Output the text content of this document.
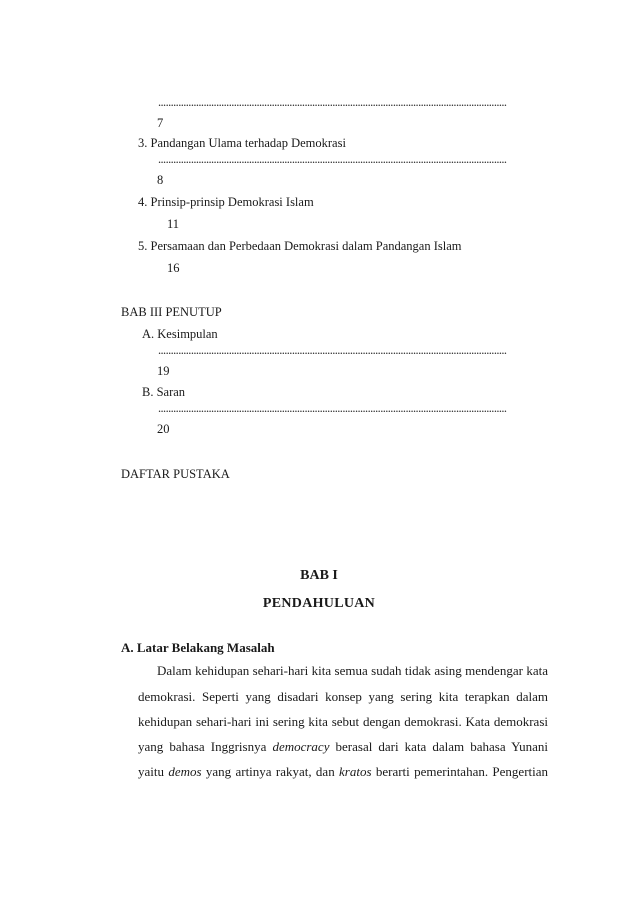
..........................................................................................................................................
7
3. Pandangan Ulama terhadap Demokrasi
..........................................................................................................................................
8
4. Prinsip-prinsip Demokrasi Islam
11
5. Persamaan dan Perbedaan Demokrasi dalam Pandangan Islam
16
BAB III PENUTUP
A. Kesimpulan
..........................................................................................................................................
19
B. Saran
..........................................................................................................................................
20
DAFTAR PUSTAKA
BAB I
PENDAHULUAN
A. Latar Belakang Masalah
Dalam kehidupan sehari-hari kita semua sudah tidak asing mendengar kata
demokrasi. Seperti yang disadari konsep yang sering kita terapkan dalam
kehidupan sehari-hari ini sering kita sebut dengan demokrasi. Kata demokrasi
yang bahasa Inggrisnya democracy berasal dari kata dalam bahasa Yunani
yaitu demos yang artinya rakyat, dan kratos berarti pemerintahan. Pengertian
